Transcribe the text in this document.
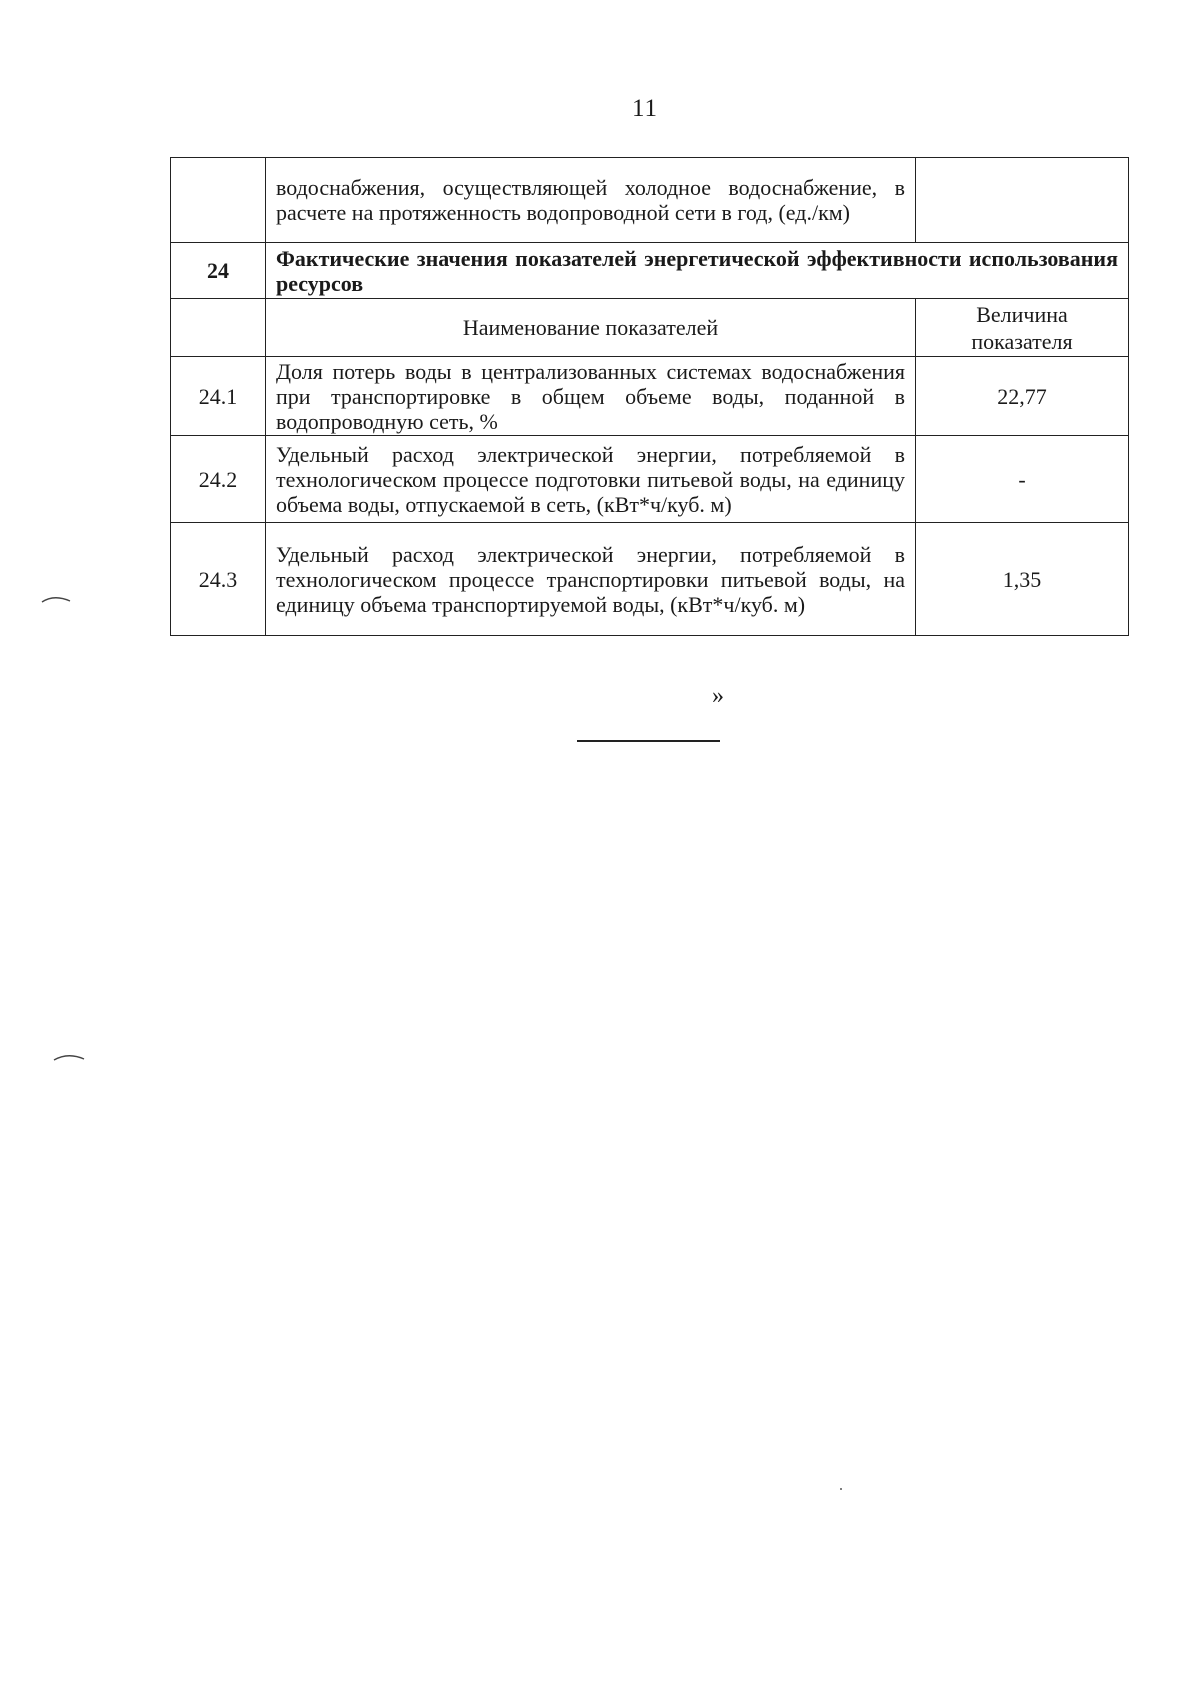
11
	водоснабжения, осуществляющей холодное водоснабжение, в расчете на протяженность водопроводной сети в год, (ед./км)	
24	Фактические значения показателей энергетической эффективности использования ресурсов	
	Наименование показателей	Величина показателя
24.1	Доля потерь воды в централизованных системах водоснабжения при транспортировке в общем объеме воды, поданной в водопроводную сеть, %	22,77
24.2	Удельный расход электрической энергии, потребляемой в технологическом процессе подготовки питьевой воды, на единицу объема воды, отпускаемой в сеть, (кВт*ч/куб. м)	-
24.3	Удельный расход электрической энергии, потребляемой в технологическом процессе транспортировки питьевой воды, на единицу объема транспортируемой воды, (кВт*ч/куб. м)	1,35
»
